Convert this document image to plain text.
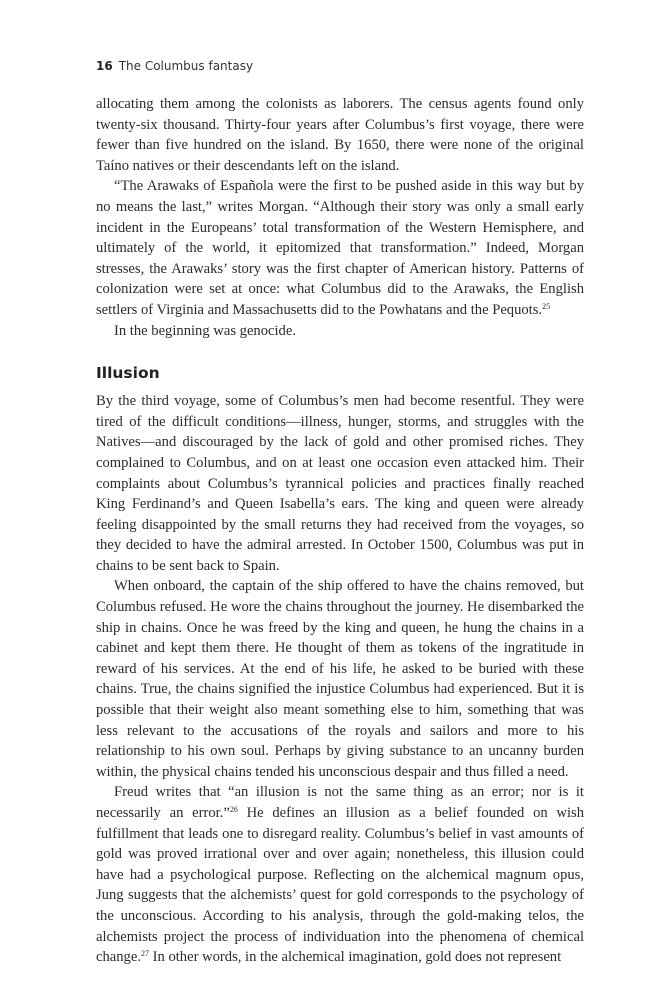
16 The Columbus fantasy

allocating them among the colonists as laborers. The census agents found only twenty-six thousand. Thirty-four years after Columbus’s first voyage, there were fewer than five hundred on the island. By 1650, there were none of the original Taíno natives or their descendants left on the island.

“The Arawaks of Española were the first to be pushed aside in this way but by no means the last,” writes Morgan. “Although their story was only a small early incident in the Europeans’ total transformation of the Western Hemisphere, and ultimately of the world, it epitomized that transformation.” Indeed, Morgan stresses, the Arawaks’ story was the first chapter of American history. Patterns of colonization were set at once: what Columbus did to the Arawaks, the English settlers of Virginia and Massachusetts did to the Powhatans and the Pequots.$^{25}$

In the beginning was genocide.

Illusion

By the third voyage, some of Columbus’s men had become resentful. They were tired of the difficult conditions—illness, hunger, storms, and struggles with the Natives—and discouraged by the lack of gold and other promised riches. They complained to Columbus, and on at least one occasion even attacked him. Their complaints about Columbus’s tyrannical policies and practices finally reached King Ferdinand’s and Queen Isabella’s ears. The king and queen were already feeling disappointed by the small returns they had received from the voyages, so they decided to have the admiral arrested. In October 1500, Columbus was put in chains to be sent back to Spain.

When onboard, the captain of the ship offered to have the chains removed, but Columbus refused. He wore the chains throughout the journey. He disembarked the ship in chains. Once he was freed by the king and queen, he hung the chains in a cabinet and kept them there. He thought of them as tokens of the ingratitude in reward of his services. At the end of his life, he asked to be buried with these chains. True, the chains signified the injustice Columbus had experienced. But it is possible that their weight also meant something else to him, something that was less relevant to the accusations of the royals and sailors and more to his relationship to his own soul. Perhaps by giving substance to an uncanny burden within, the physical chains tended his unconscious despair and thus filled a need.

Freud writes that “an illusion is not the same thing as an error; nor is it necessarily an error.”$^{26}$ He defines an illusion as a belief founded on wish fulfillment that leads one to disregard reality. Columbus’s belief in vast amounts of gold was proved irrational over and over again; nonetheless, this illusion could have had a psychological purpose. Reflecting on the alchemical magnum opus, Jung suggests that the alchemists’ quest for gold corresponds to the psychology of the unconscious. According to his analysis, through the gold-making telos, the alchemists project the process of individuation into the phenomena of chemical change.$^{27}$ In other words, in the alchemical imagination, gold does not represent
